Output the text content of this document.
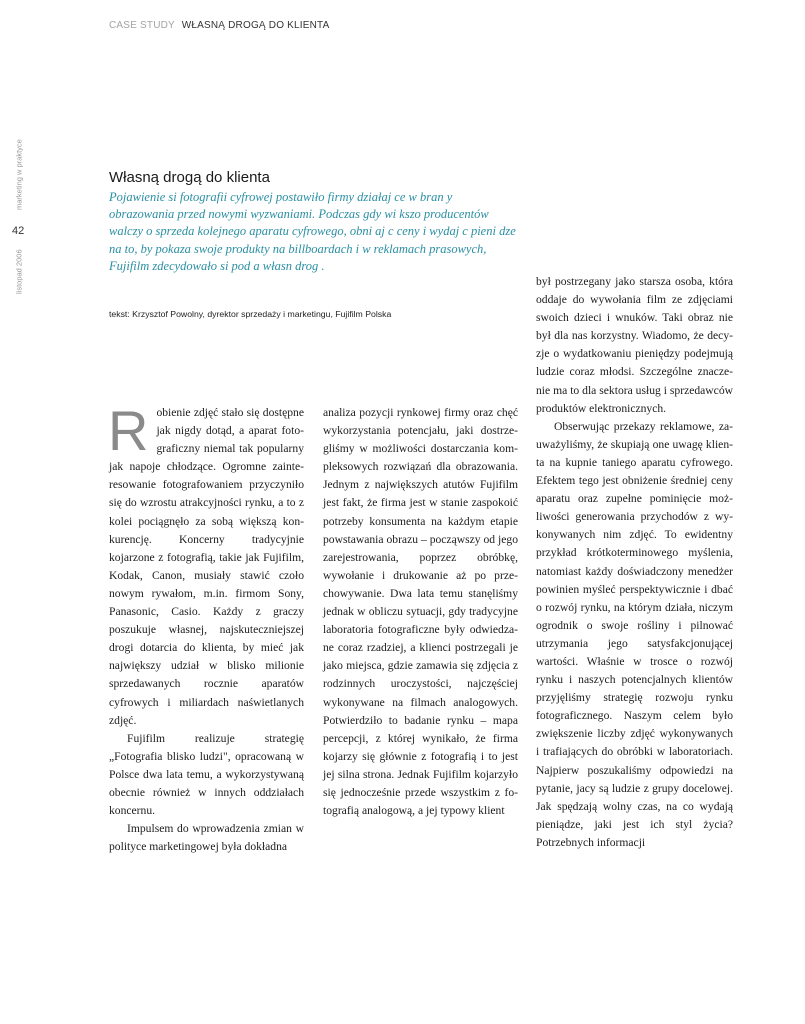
CASE STUDY WŁASNĄ DROGĄ DO KLIENTA
marketing w praktyce
42
listopad 2006
Własną drogą do klienta

Pojawienie si fotografii cyfrowej postawiło firmy działaj ce w bran y obrazowania przed nowymi wyzwaniami. Podczas gdy wi kszo producentów walczy o sprzeda kolejnego aparatu cyfrowego, obni aj c ceny i wydaj c pieni dze na to, by pokaza swoje produkty na billboardach i w reklamach prasowych, Fujifilm zdecydowało si pod a własn drog .

tekst: Krzysztof Powolny, dyrektor sprzedaży i marketingu, Fujifilm Polska

R obienie zdjęć stało się dostępne jak nigdy dotąd, a aparat fotograficzny niemal tak popularny jak napoje chłodzące. Ogromne zainteresowanie fotografowaniem przyczyniło się do wzrostu atrakcyjności rynku, a to z kolei pociągnęło za sobą większą konkurencję. Koncerny tradycyjnie kojarzone z fotografią, takie jak Fujifilm, Kodak, Canon, musiały stawić czoło nowym rywałom, m.in. firmom Sony, Panasonic, Casio. Każdy z graczy poszukuje własnej, najskuteczniejszej drogi dotarcia do klienta, by mieć jak największy udział w blisko milionie sprzedawanych rocznie aparatów cyfrowych i miliardach naświetlanych zdjęć.

Fujifilm realizuje strategię „Fotografia blisko ludzi", opracowaną w Polsce dwa lata temu, a wykorzystywaną obecnie również w innych oddziałach koncernu.

Impulsem do wprowadzenia zmian w polityce marketingowej była dokładna

analiza pozycji rynkowej firmy oraz chęć wykorzystania potencjału, jaki dostrzegliśmy w możliwości dostarczania kompleksowych rozwiązań dla obrazowania. Jednym z największych atutów Fujifilm jest fakt, że firma jest w stanie zaspokoić potrzeby konsumenta na każdym etapie powstawania obrazu – począwszy od jego zarejestrowania, poprzez obróbkę, wywołanie i drukowanie aż po przechowywanie. Dwa lata temu stanęliśmy jednak w obliczu sytuacji, gdy tradycyjne laboratoria fotograficzne były odwiedzane coraz rzadziej, a klienci postrzegali je jako miejsca, gdzie zamawia się zdjęcia z rodzinnych uroczystości, najczęściej wykonywane na filmach analogowych. Potwierdziło to badanie rynku – mapa percepcji, z której wynikało, że firma kojarzy się głównie z fotografią i to jest jej silna strona. Jednak Fujifilm kojarzyło się jednocześnie przede wszystkim z fotografią analogową, a jej typowy klient

był postrzegany jako starsza osoba, która oddaje do wywołania film ze zdjęciami swoich dzieci i wnuków. Taki obraz nie był dla nas korzystny. Wiadomo, że decyzje o wydatkowaniu pieniędzy podejmują ludzie coraz młodsi. Szczególne znaczenie ma to dla sektora usług i sprzedawców produktów elektronicznych.

Obserwując przekazy reklamowe, zauważyliśmy, że skupiają one uwagę klienta na kupnie taniego aparatu cyfrowego. Efektem tego jest obniżenie średniej ceny aparatu oraz zupełne pominięcie możliwości generowania przychodów z wykonywanych nim zdjęć. To ewidentny przykład krótkoterminowego myślenia, natomiast każdy doświadczony menedżer powinien myśleć perspektywicznie i dbać o rozwój rynku, na którym działa, niczym ogrodnik o swoje rośliny i pilnować utrzymania jego satysfakcjonującej wartości. Właśnie w trosce o rozwój rynku i naszych potencjalnych klientów przyjęliśmy strategię rozwoju rynku fotograficznego. Naszym celem było zwiększenie liczby zdjęć wykonywanych i trafiających do obróbki w laboratoriach. Najpierw poszukaliśmy odpowiedzi na pytanie, jacy są ludzie z grupy docelowej. Jak spędzają wolny czas, na co wydają pieniądze, jaki jest ich styl życia? Potrzebnych informacji
